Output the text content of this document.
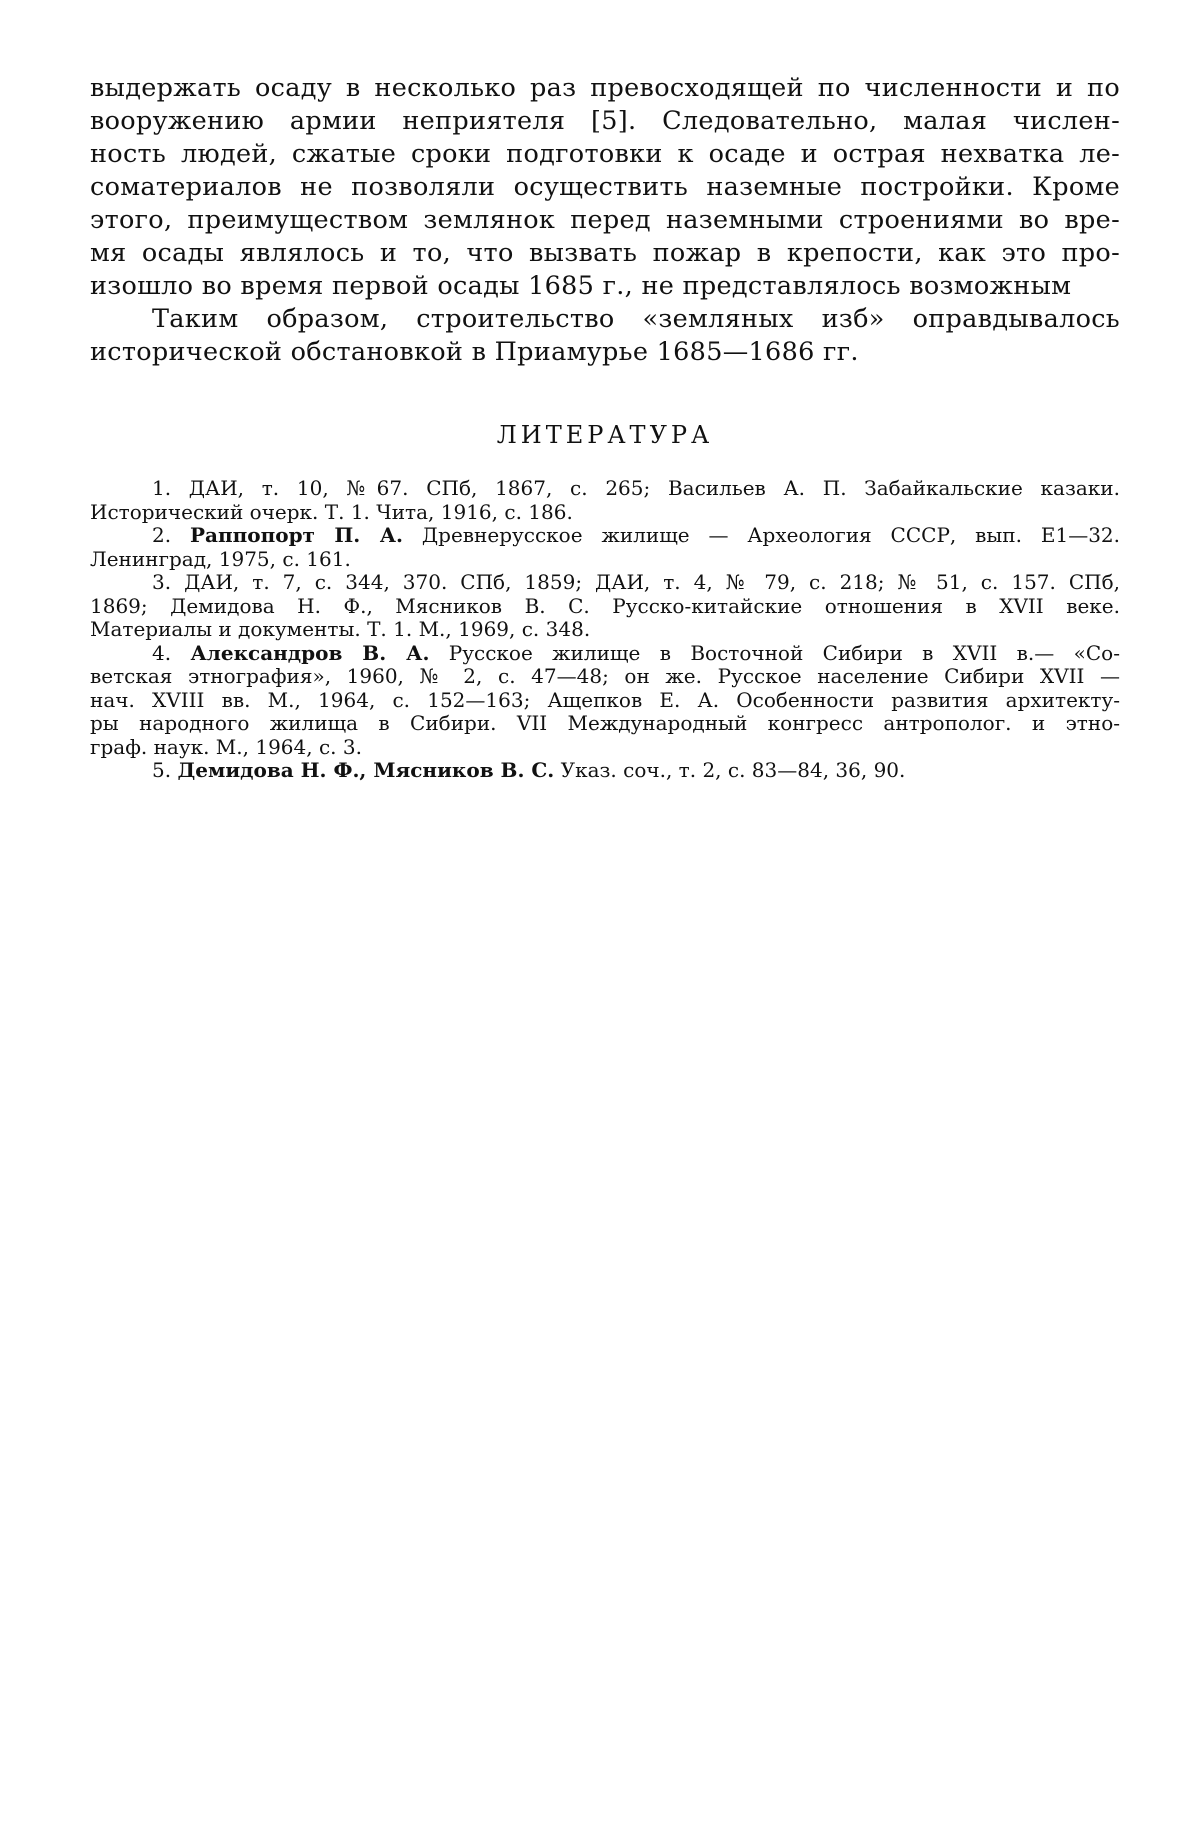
выдержать осаду в несколько раз превосходящей по численности и по
вооружению армии неприятеля [5]. Следовательно, малая числен-
ность людей, сжатые сроки подготовки к осаде и острая нехватка ле-
соматериалов не позволяли осуществить наземные постройки. Кроме
этого, преимуществом землянок перед наземными строениями во вре-
мя осады являлось и то, что вызвать пожар в крепости, как это про-
изошло во время первой осады 1685 г., не представлялось возможным
Таким образом, строительство «земляных изб» оправдывалось
исторической обстановкой в Приамурье 1685—1686 гг.
ЛИТЕРАТУРА
1. ДАИ, т. 10, №67. СПб, 1867, с. 265; Васильев А. П. Забайкальские казаки.
Исторический очерк. Т. 1. Чита, 1916, с. 186.
2. Раппопорт П. А. Древнерусское жилище — Археология СССР, вып. Е1—32.
Ленинград, 1975, с. 161.
3. ДАИ, т. 7, с. 344, 370. СПб, 1859; ДАИ, т. 4, № 79, с. 218; № 51, с. 157. СПб,
1869; Демидова Н. Ф., Мясников В. С. Русско-китайские отношения в XVII веке.
Материалы и документы. Т. 1. М., 1969, с. 348.
4. Александров В. А. Русское жилище в Восточной Сибири в XVII в.— «Со-
ветская этнография», 1960, № 2, с. 47—48; он же. Русское население Сибири XVII —
нач. XVIII вв. М., 1964, с. 152—163; Ащепков Е. А. Особенности развития архитекту-
ры народного жилища в Сибири. VII Международный конгресс антрополог. и этно-
граф. наук. М., 1964, с. 3.
5. Демидова Н. Ф., Мясников В. С. Указ. соч., т. 2, с. 83—84, 36, 90.
